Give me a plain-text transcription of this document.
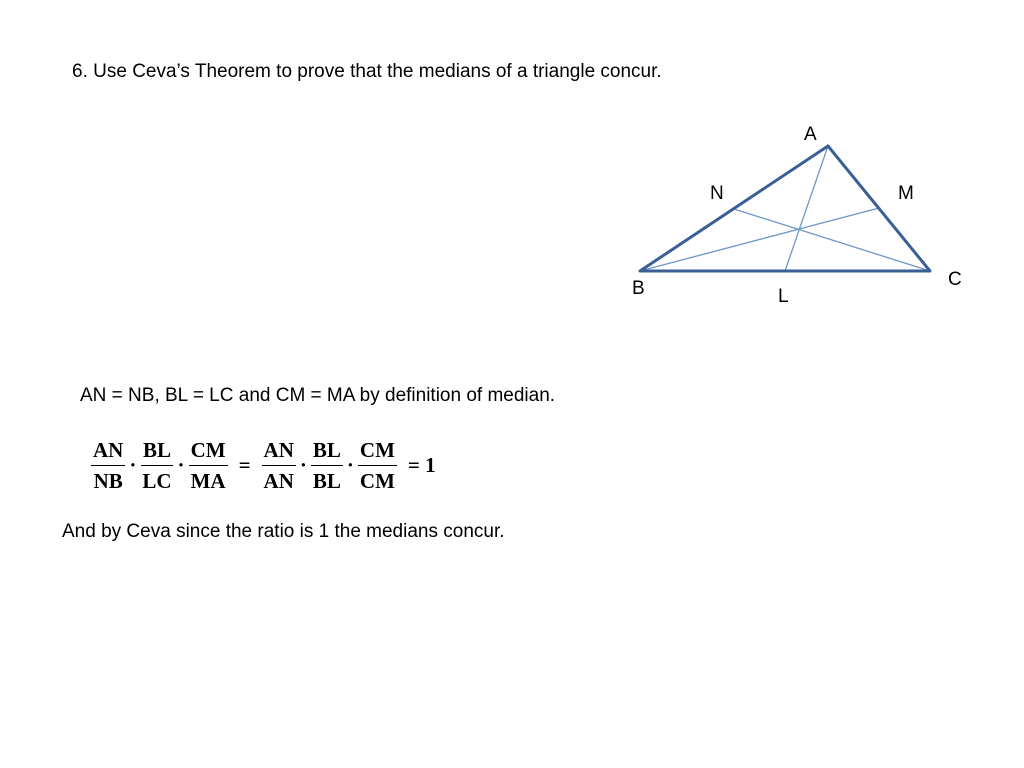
6. Use Ceva’s Theorem to prove that the medians of a triangle concur.
A
B	C
N	M
L
AN = NB, BL = LC and CM = MA by definition of median.
$\frac{AN}{NB} \cdot \frac{BL}{LC} \cdot \frac{CM}{MA} = \frac{AN}{AN} \cdot \frac{BL}{BL} \cdot \frac{CM}{CM} = 1$
And by Ceva since the ratio is 1 the medians concur.
